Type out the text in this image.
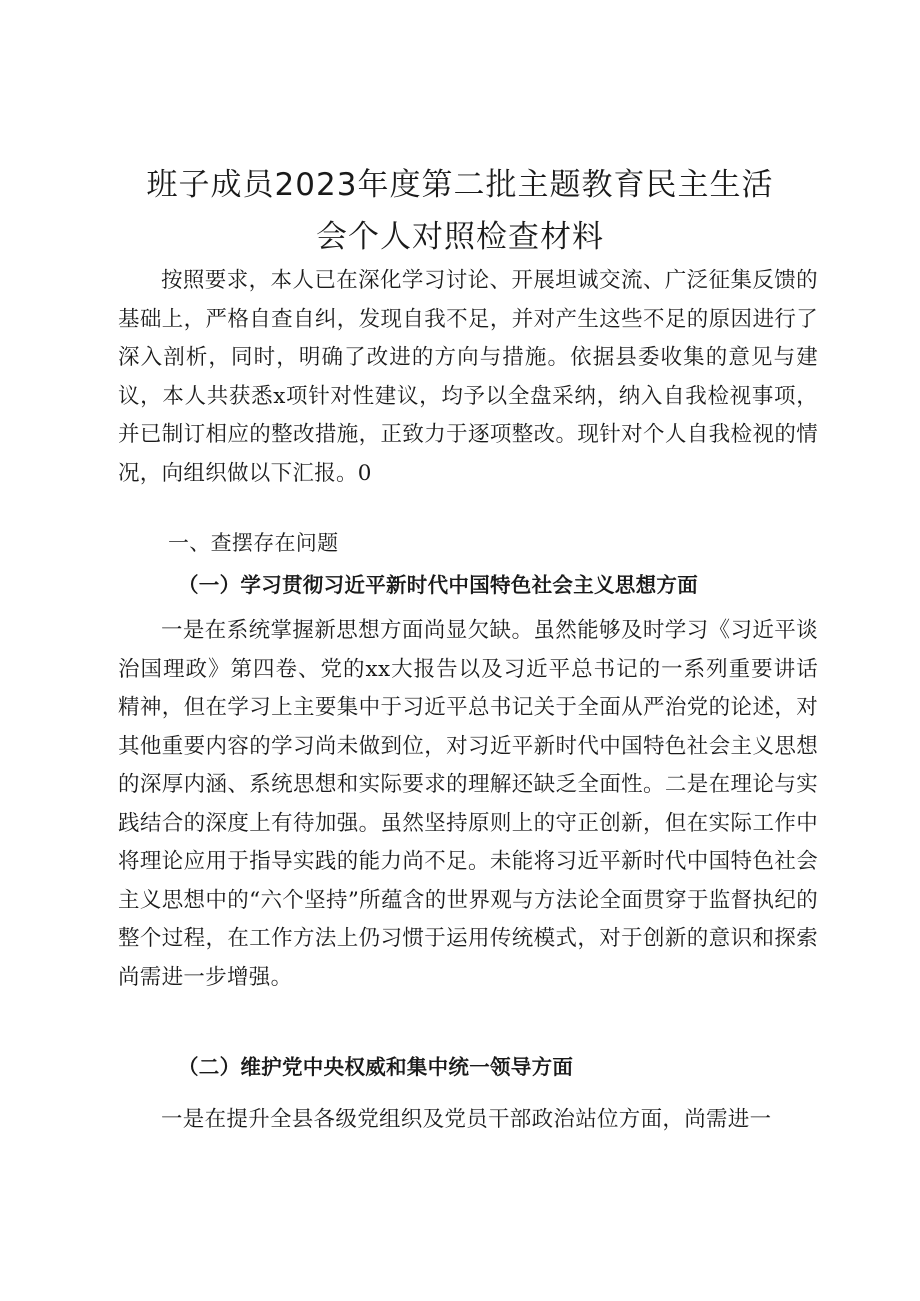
班子成员2023年度第二批主题教育民主生活
会个人对照检查材料

按照要求，本人已在深化学习讨论、开展坦诚交流、广泛征集反馈的基础上，严格自查自纠，发现自我不足，并对产生这些不足的原因进行了深入剖析，同时，明确了改进的方向与措施。依据县委收集的意见与建议，本人共获悉x项针对性建议，均予以全盘采纳，纳入自我检视事项，并已制订相应的整改措施，正致力于逐项整改。现针对个人自我检视的情况，向组织做以下汇报。0

一、查摆存在问题
（一）学习贯彻习近平新时代中国特色社会主义思想方面

一是在系统掌握新思想方面尚显欠缺。虽然能够及时学习《习近平谈治国理政》第四卷、党的xx大报告以及习近平总书记的一系列重要讲话精神，但在学习上主要集中于习近平总书记关于全面从严治党的论述，对其他重要内容的学习尚未做到位，对习近平新时代中国特色社会主义思想的深厚内涵、系统思想和实际要求的理解还缺乏全面性。二是在理论与实践结合的深度上有待加强。虽然坚持原则上的守正创新，但在实际工作中将理论应用于指导实践的能力尚不足。未能将习近平新时代中国特色社会主义思想中的“六个坚持”所蕴含的世界观与方法论全面贯穿于监督执纪的整个过程，在工作方法上仍习惯于运用传统模式，对于创新的意识和探索尚需进一步增强。

（二）维护党中央权威和集中统一领导方面

一是在提升全县各级党组织及党员干部政治站位方面，尚需进一
